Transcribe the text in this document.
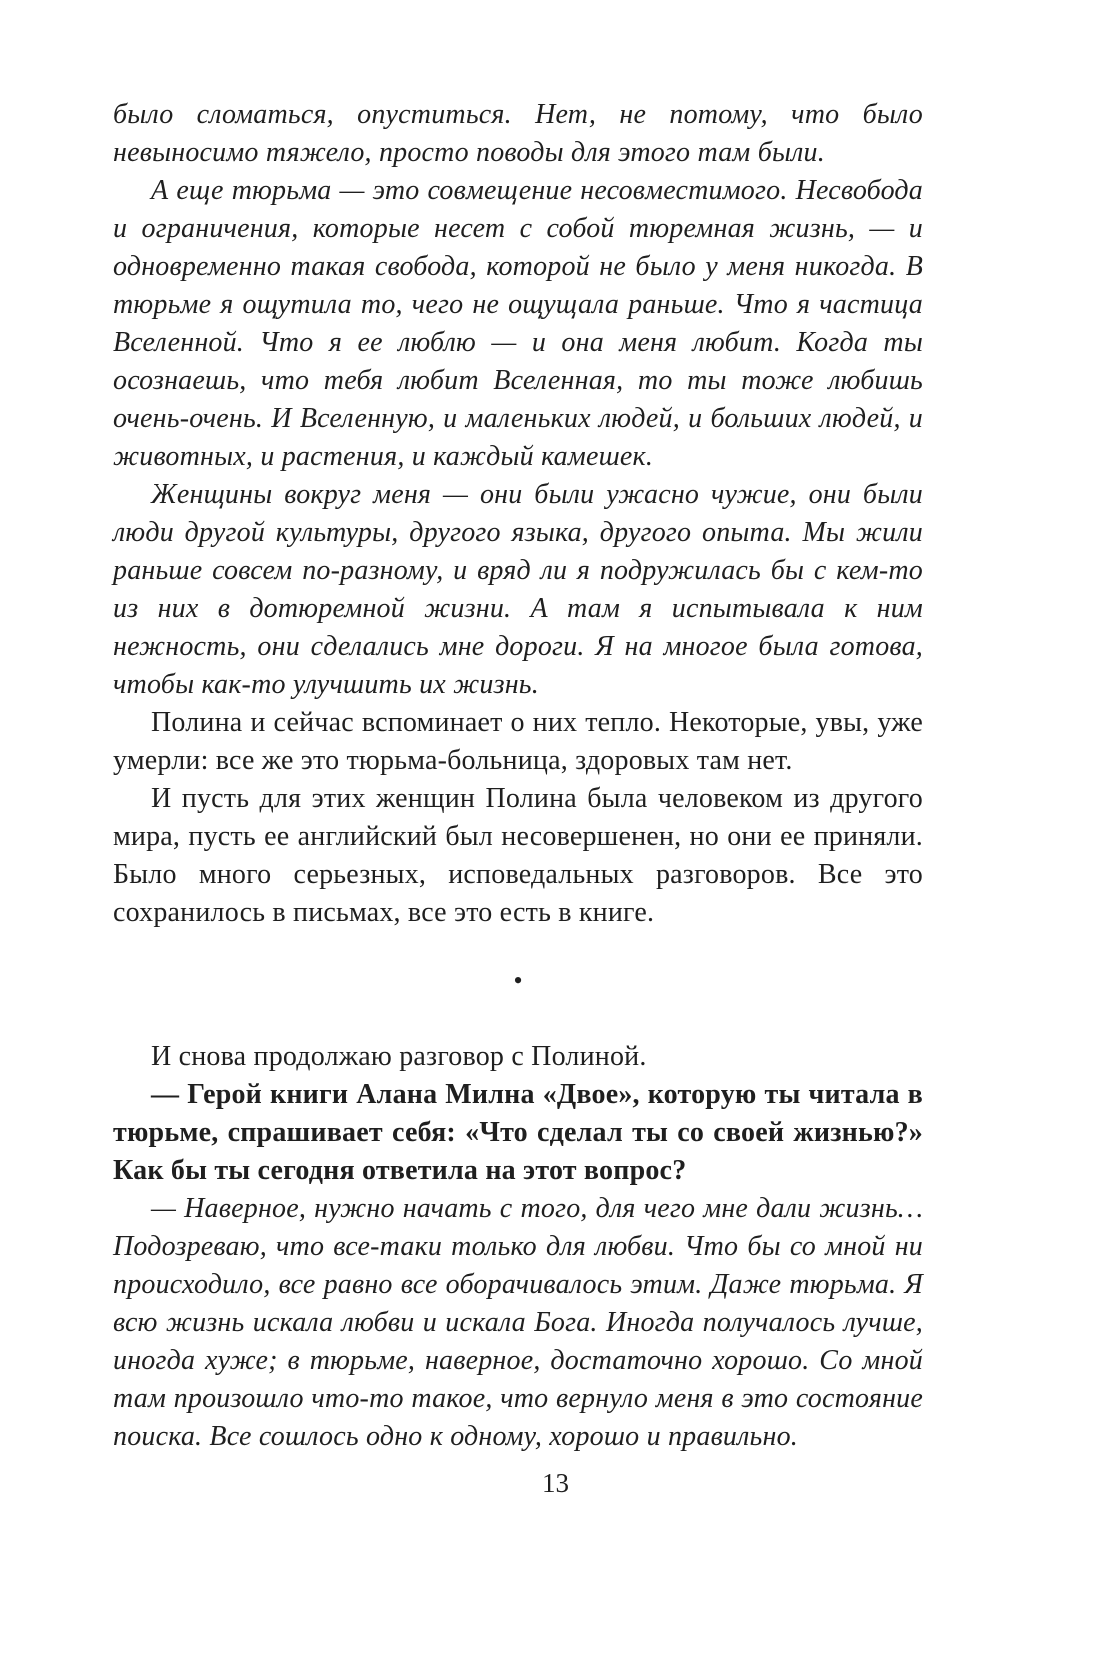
было сломаться, опуститься. Нет, не потому, что было невыносимо тяжело, просто поводы для этого там были.

А еще тюрьма — это совмещение несовместимого. Несвобода и ограничения, которые несет с собой тюремная жизнь, — и одновременно такая свобода, которой не было у меня никогда. В тюрьме я ощутила то, чего не ощущала раньше. Что я частица Вселенной. Что я ее люблю — и она меня любит. Когда ты осознаешь, что тебя любит Вселенная, то ты тоже любишь очень-очень. И Вселенную, и маленьких людей, и больших людей, и животных, и растения, и каждый камешек.

Женщины вокруг меня — они были ужасно чужие, они были люди другой культуры, другого языка, другого опыта. Мы жили раньше совсем по-разному, и вряд ли я подружилась бы с кем-то из них в дотюремной жизни. А там я испытывала к ним нежность, они сделались мне дороги. Я на многое была готова, чтобы как-то улучшить их жизнь.

Полина и сейчас вспоминает о них тепло. Некоторые, увы, уже умерли: все же это тюрьма-больница, здоровых там нет.

И пусть для этих женщин Полина была человеком из другого мира, пусть ее английский был несовершенен, но они ее приняли. Было много серьезных, исповедальных разговоров. Все это сохранилось в письмах, все это есть в книге.

•

И снова продолжаю разговор с Полиной.

— Герой книги Алана Милна «Двое», которую ты читала в тюрьме, спрашивает себя: «Что сделал ты со своей жизнью?» Как бы ты сегодня ответила на этот вопрос?

— Наверное, нужно начать с того, для чего мне дали жизнь… Подозреваю, что все-таки только для любви. Что бы со мной ни происходило, все равно все оборачивалось этим. Даже тюрьма. Я всю жизнь искала любви и искала Бога. Иногда получалось лучше, иногда хуже; в тюрьме, наверное, достаточно хорошо. Со мной там произошло что-то такое, что вернуло меня в это состояние поиска. Все сошлось одно к одному, хорошо и правильно.

13
